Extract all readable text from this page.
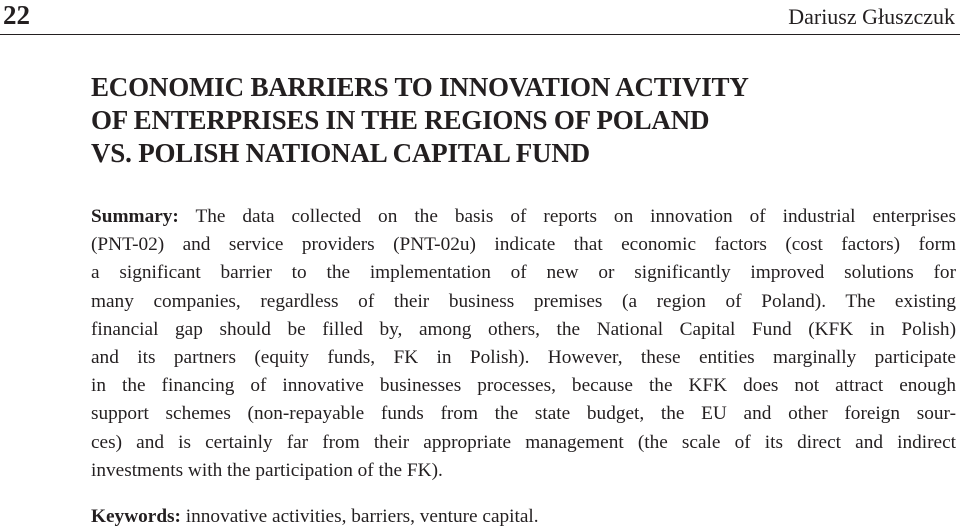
22	Dariusz Głuszczuk
ECONOMIC BARRIERS TO INNOVATION ACTIVITY
OF ENTERPRISES IN THE REGIONS OF POLAND
VS. POLISH NATIONAL CAPITAL FUND

Summary: The data collected on the basis of reports on innovation of industrial enterprises
(PNT-02) and service providers (PNT-02u) indicate that economic factors (cost factors) form
a significant barrier to the implementation of new or significantly improved solutions for
many companies, regardless of their business premises (a region of Poland). The existing
financial gap should be filled by, among others, the National Capital Fund (KFK in Polish)
and its partners (equity funds, FK in Polish). However, these entities marginally participate
in the financing of innovative businesses processes, because the KFK does not attract enough
support schemes (non-repayable funds from the state budget, the EU and other foreign sour-
ces) and is certainly far from their appropriate management (the scale of its direct and indirect
investments with the participation of the FK).

Keywords: innovative activities, barriers, venture capital.
